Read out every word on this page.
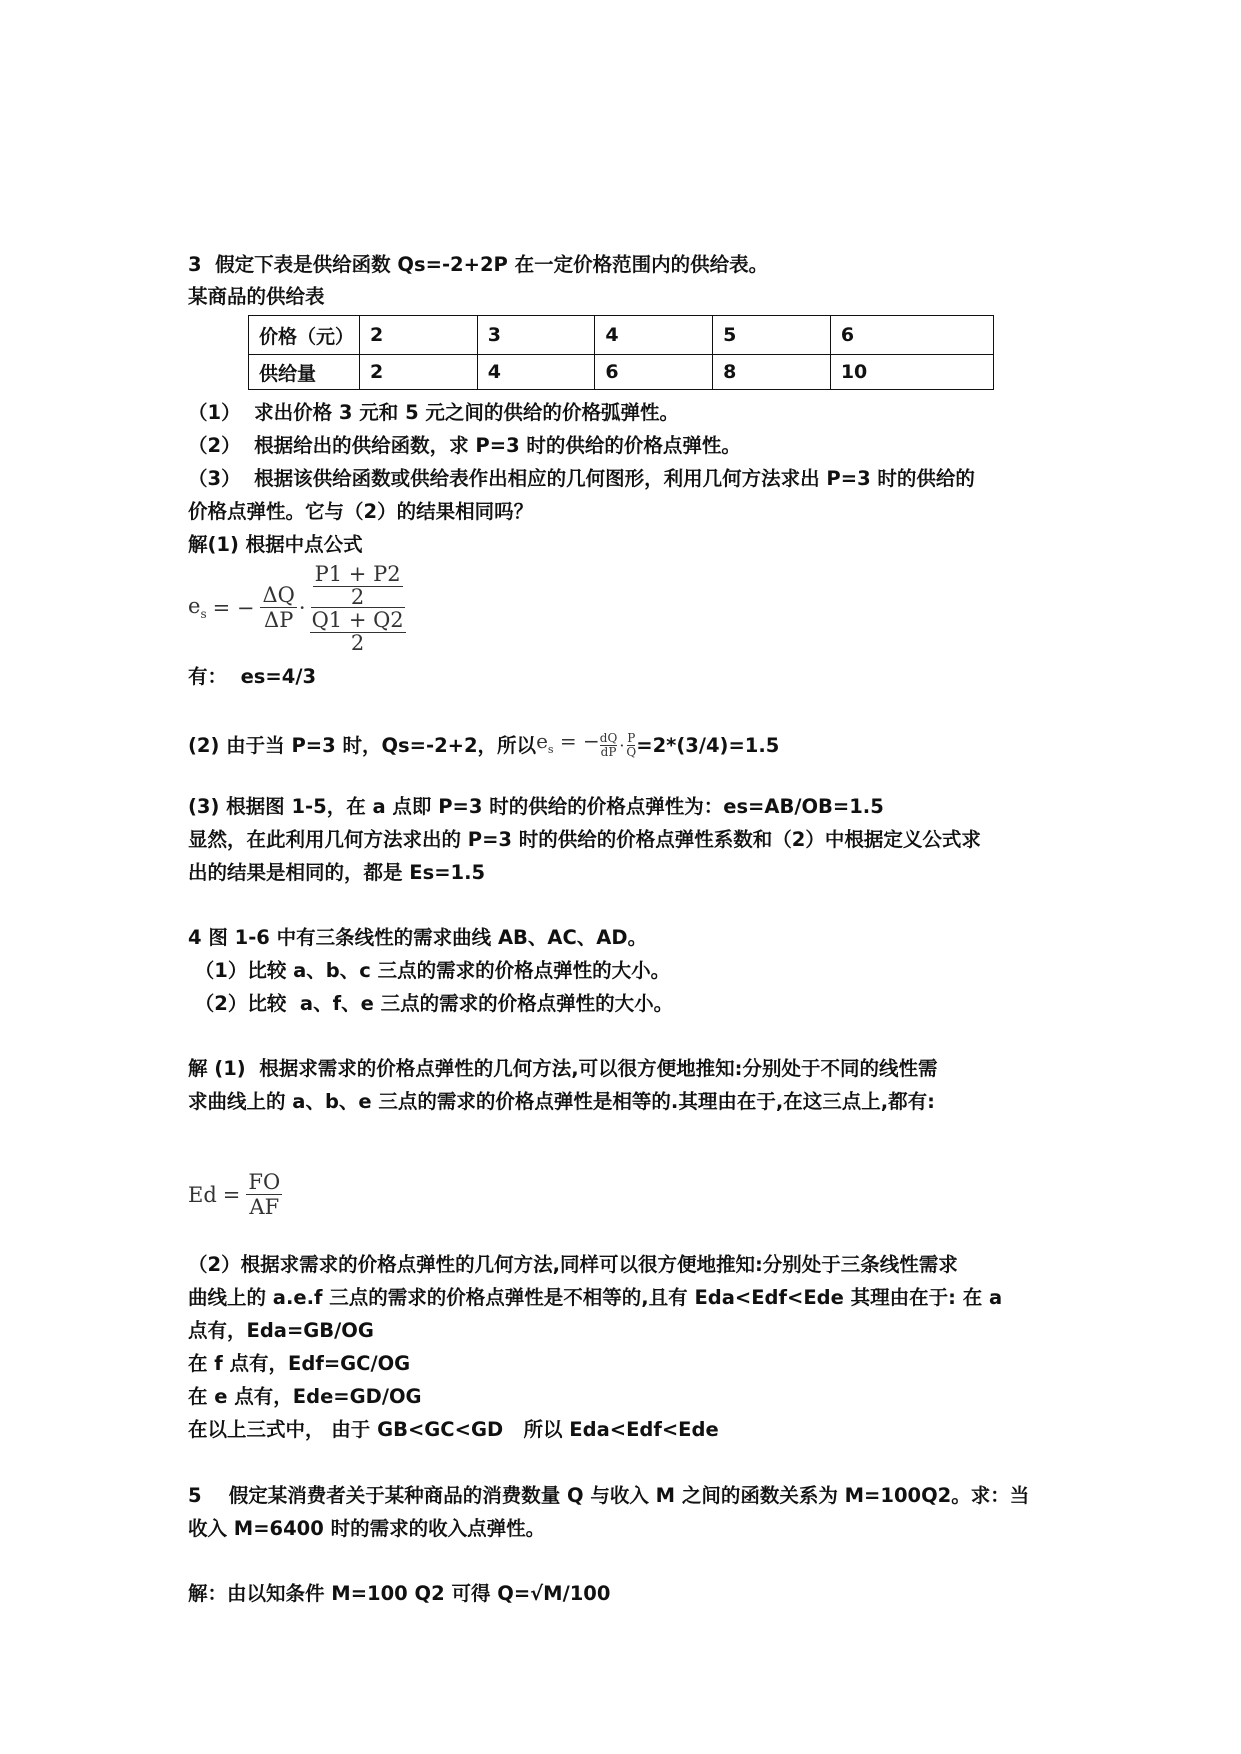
3  假定下表是供给函数 Qs=-2+2P 在一定价格范围内的供给表。
某商品的供给表
价格（元）	2	3	4	5	6
供给量	2	4	6	8	10
（1）  求出价格 3 元和 5 元之间的供给的价格弧弹性。
（2）  根据给出的供给函数，求 P=3 时的供给的价格点弹性。
（3）  根据该供给函数或供给表作出相应的几何图形，利用几何方法求出 P=3 时的供给的
价格点弹性。它与（2）的结果相同吗？
解(1) 根据中点公式
$e_s$ = − $\frac{\Delta Q}{\Delta P} \cdot \frac{\frac{P1 + P2}{2}}{\frac{Q1 + Q2}{2}}$
有：  es=4/3
(2) 由于当 P=3 时，Qs=-2+2，所以 $e_s$ = − $\frac{dQ}{dP} \cdot \frac{P}{Q} =2*(3/4)=1.5$
(3) 根据图 1-5，在 a 点即 P=3 时的供给的价格点弹性为：es=AB/OB=1.5
显然，在此利用几何方法求出的 P=3 时的供给的价格点弹性系数和（2）中根据定义公式求
出的结果是相同的，都是 Es=1.5
4 图 1-6 中有三条线性的需求曲线 AB、AC、AD。
（1）比较 a、b、c 三点的需求的价格点弹性的大小。
（2）比较  a、f、e 三点的需求的价格点弹性的大小。
解 (1)  根据求需求的价格点弹性的几何方法,可以很方便地推知:分别处于不同的线性需
求曲线上的 a、b、e 三点的需求的价格点弹性是相等的.其理由在于,在这三点上,都有:
$Ed = \frac{FO}{AF}$
（2）根据求需求的价格点弹性的几何方法,同样可以很方便地推知:分别处于三条线性需求
曲线上的 a.e.f 三点的需求的价格点弹性是不相等的,且有 Eda<Edf<Ede 其理由在于: 在 a
点有，Eda=GB/OG
在 f 点有，Edf=GC/OG
在 e 点有，Ede=GD/OG
在以上三式中， 由于 GB<GC<GD   所以 Eda<Edf<Ede
5    假定某消费者关于某种商品的消费数量 Q 与收入 M 之间的函数关系为 M=100Q2。求：当
收入 M=6400 时的需求的收入点弹性。
解：由以知条件 M=100 Q2 可得 Q=√M/100
